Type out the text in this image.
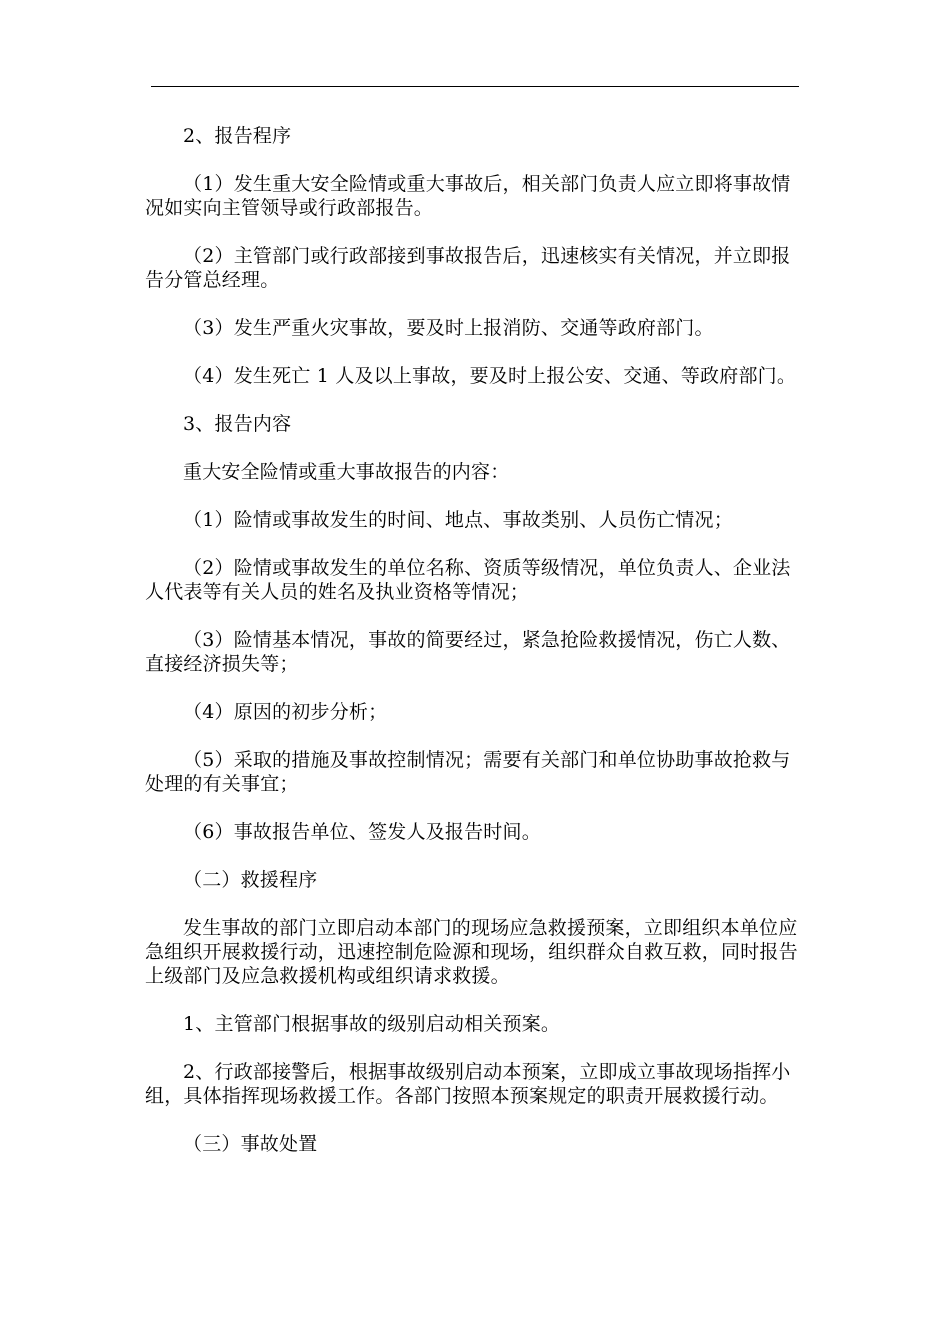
2、报告程序

（1）发生重大安全险情或重大事故后，相关部门负责人应立即将事故情况如实向主管领导或行政部报告。

（2）主管部门或行政部接到事故报告后，迅速核实有关情况，并立即报告分管总经理。

（3）发生严重火灾事故，要及时上报消防、交通等政府部门。

（4）发生死亡 1 人及以上事故，要及时上报公安、交通、等政府部门。

3、报告内容

重大安全险情或重大事故报告的内容：

（1）险情或事故发生的时间、地点、事故类别、人员伤亡情况；

（2）险情或事故发生的单位名称、资质等级情况，单位负责人、企业法人代表等有关人员的姓名及执业资格等情况；

（3）险情基本情况，事故的简要经过，紧急抢险救援情况，伤亡人数、直接经济损失等；

（4）原因的初步分析；

（5）采取的措施及事故控制情况；需要有关部门和单位协助事故抢救与处理的有关事宜；

（6）事故报告单位、签发人及报告时间。

（二）救援程序

发生事故的部门立即启动本部门的现场应急救援预案，立即组织本单位应急组织开展救援行动，迅速控制危险源和现场，组织群众自救互救，同时报告上级部门及应急救援机构或组织请求救援。

1、主管部门根据事故的级别启动相关预案。

2、行政部接警后，根据事故级别启动本预案，立即成立事故现场指挥小组，具体指挥现场救援工作。各部门按照本预案规定的职责开展救援行动。

（三）事故处置
